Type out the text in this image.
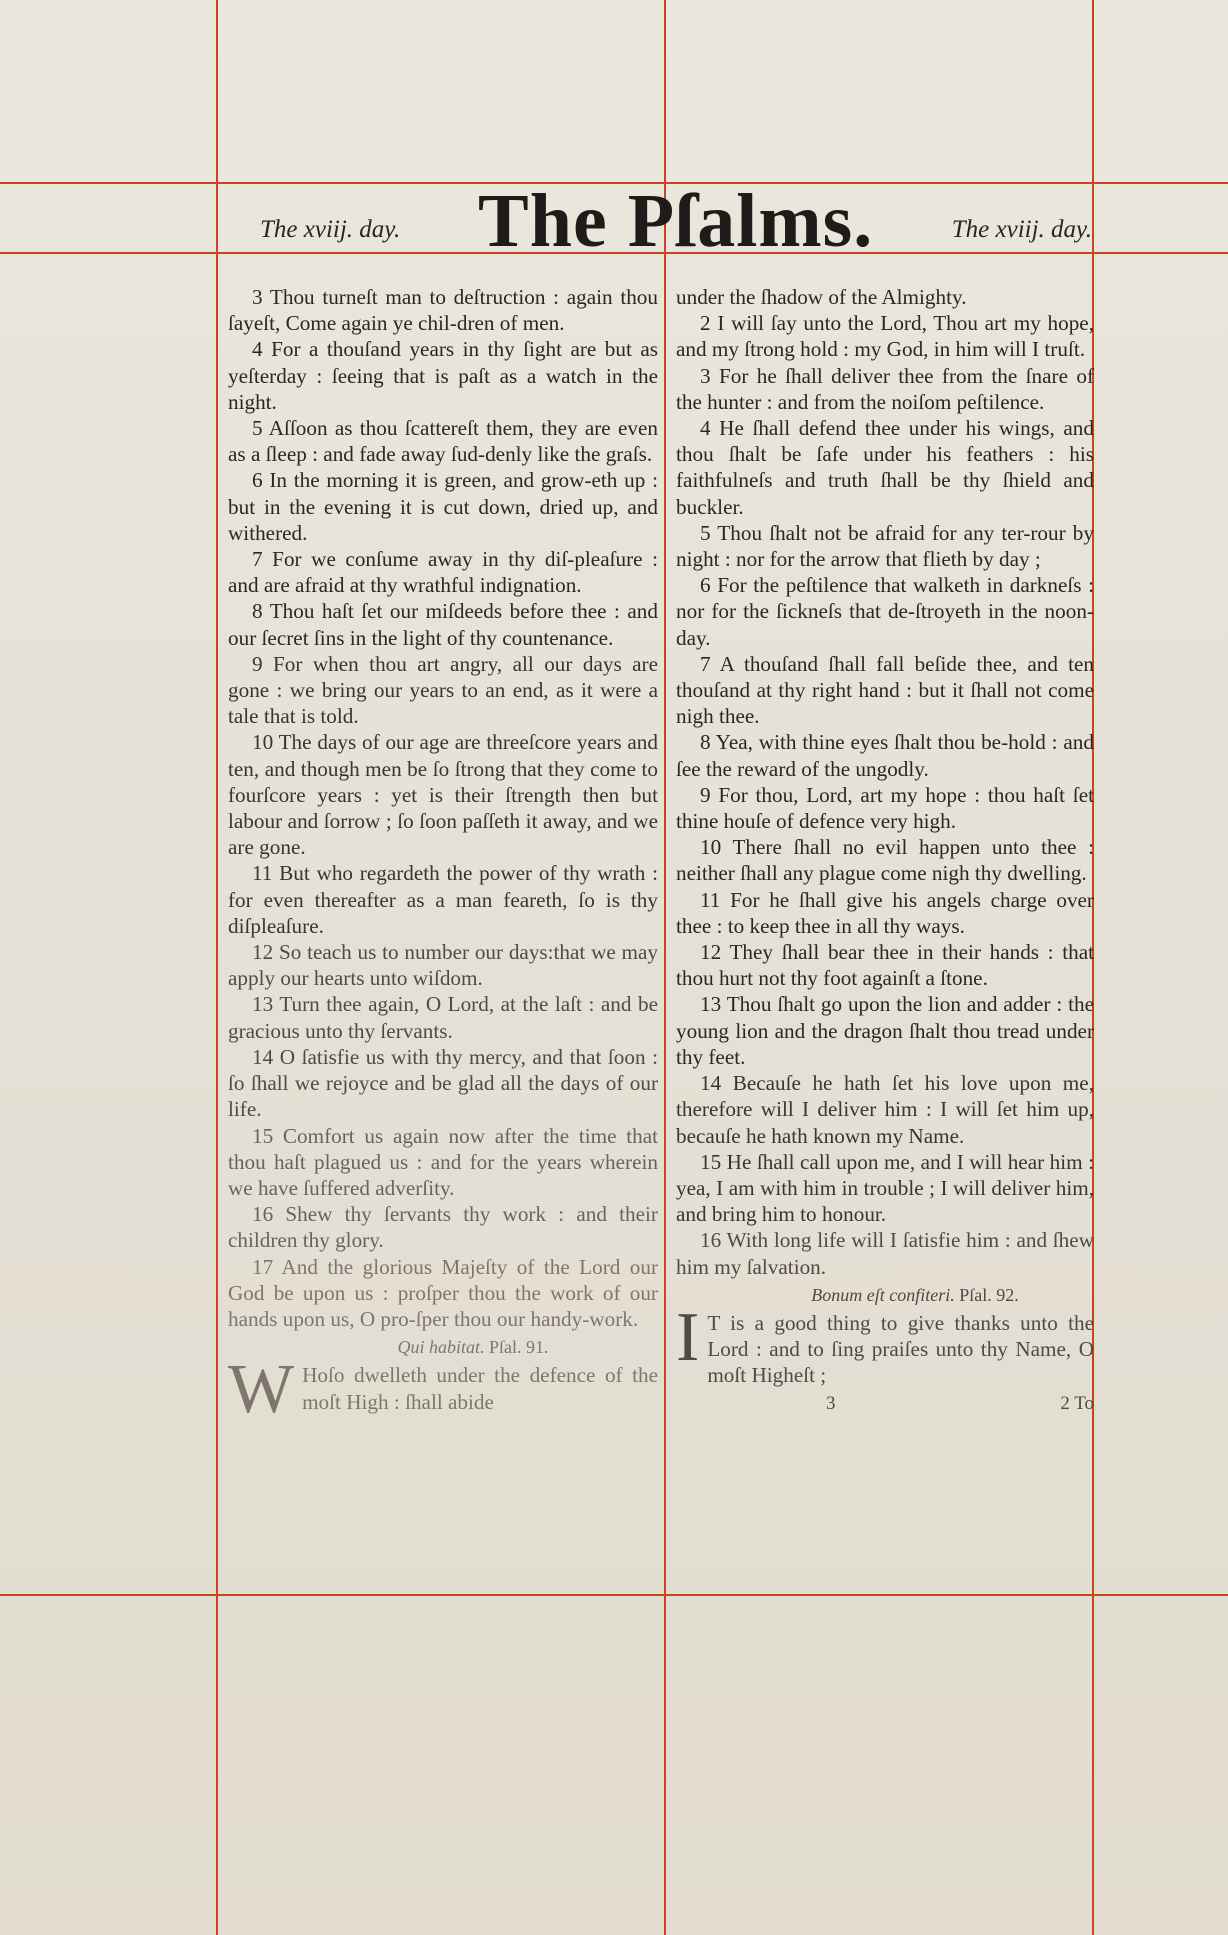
The xviij. day. The Pſalms.	The xviij. day.

3 Thou turneſt man to deſtruction : again thou ſayeſt, Come again ye chil-dren of men.

4 For a thouſand years in thy ſight are but as yeſterday : ſeeing that is paſt as a watch in the night.

5 Aſſoon as thou ſcattereſt them, they are even as a ſleep : and fade away ſud-denly like the graſs.

6 In the morning it is green, and grow-eth up : but in the evening it is cut down, dried up, and withered.

7 For we conſume away in thy diſ-pleaſure : and are afraid at thy wrathful indignation.

8 Thou haſt ſet our miſdeeds before thee : and our ſecret ſins in the light of thy countenance.

9 For when thou art angry, all our days are gone : we bring our years to an end, as it were a tale that is told.

10 The days of our age are threeſcore years and ten, and though men be ſo ſtrong that they come to fourſcore years : yet is their ſtrength then but labour and ſorrow ; ſo ſoon paſſeth it away, and we are gone.

11 But who regardeth the power of thy wrath : for even thereafter as a man feareth, ſo is thy diſpleaſure.

12 So teach us to number our days:that we may apply our hearts unto wiſdom.

13 Turn thee again, O Lord, at the laſt : and be gracious unto thy ſervants.

14 O ſatisfie us with thy mercy, and that ſoon : ſo ſhall we rejoyce and be glad all the days of our life.

15 Comfort us again now after the time that thou haſt plagued us : and for the years wherein we have ſuffered adverſity.

16 Shew thy ſervants thy work : and their children thy glory.

17 And the glorious Majeſty of the Lord our God be upon us : proſper thou the work of our hands upon us, O pro-ſper thou our handy-work.

Qui habitat. Pſal. 91.

W Hoſo dwelleth under the defence of the moſt High : ſhall abide

under the ſhadow of the Almighty.

2 I will ſay unto the Lord, Thou art my hope, and my ſtrong hold : my God, in him will I truſt.

3 For he ſhall deliver thee from the ſnare of the hunter : and from the noiſom peſtilence.

4 He ſhall defend thee under his wings, and thou ſhalt be ſafe under his feathers : his faithfulneſs and truth ſhall be thy ſhield and buckler.

5 Thou ſhalt not be afraid for any ter-rour by night : nor for the arrow that flieth by day ;

6 For the peſtilence that walketh in darkneſs : nor for the ſickneſs that de-ſtroyeth in the noon-day.

7 A thouſand ſhall fall beſide thee, and ten thouſand at thy right hand : but it ſhall not come nigh thee.

8 Yea, with thine eyes ſhalt thou be-hold : and ſee the reward of the ungodly.

9 For thou, Lord, art my hope : thou haſt ſet thine houſe of defence very high.

10 There ſhall no evil happen unto thee : neither ſhall any plague come nigh thy dwelling.

11 For he ſhall give his angels charge over thee : to keep thee in all thy ways.

12 They ſhall bear thee in their hands : that thou hurt not thy foot againſt a ſtone.

13 Thou ſhalt go upon the lion and adder : the young lion and the dragon ſhalt thou tread under thy feet.

14 Becauſe he hath ſet his love upon me, therefore will I deliver him : I will ſet him up, becauſe he hath known my Name.

15 He ſhall call upon me, and I will hear him : yea, I am with him in trouble ; I will deliver him, and bring him to honour.

16 With long life will I ſatisfie him : and ſhew him my ſalvation.

Bonum eſt confiteri. Pſal. 92.

I T is a good thing to give thanks unto the Lord : and to ſing praiſes unto thy Name, O moſt Higheſt ;

3	2 To
